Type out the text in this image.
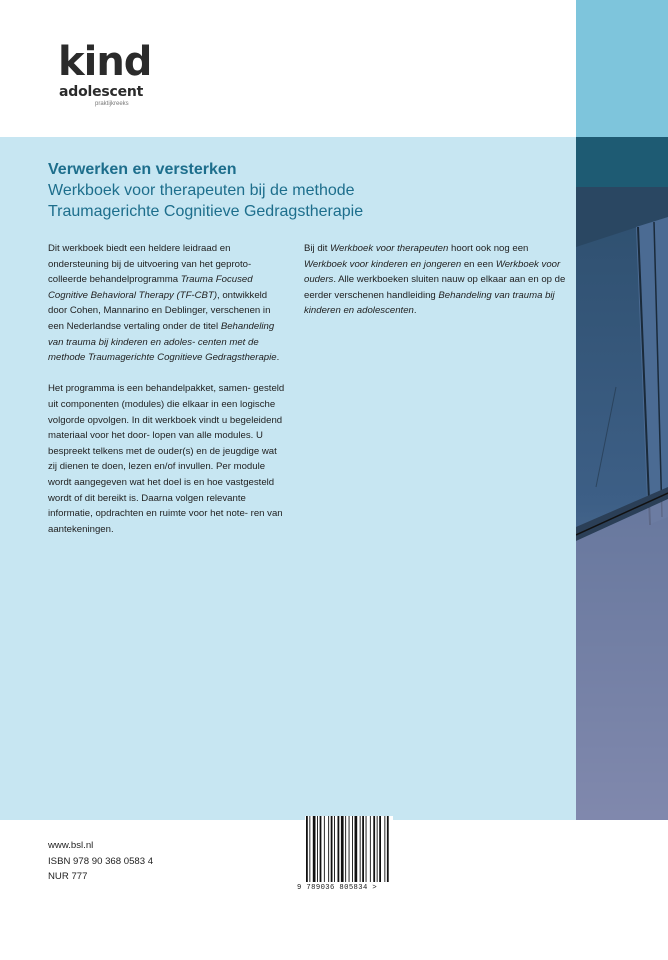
kind
adolescent
praktijkreeks
Verwerken en versterken
Werkboek voor therapeuten bij de methode
Traumagerichte Cognitieve Gedragstherapie

Dit werkboek biedt een heldere leidraad en ondersteuning bij de uitvoering van het geproto- colleerde behandelprogramma Trauma Focused Cognitive Behavioral Therapy (TF-CBT), ontwikkeld door Cohen, Mannarino en Deblinger, verschenen in een Nederlandse vertaling onder de titel Behandeling van trauma bij kinderen en adoles- centen met de methode Traumagerichte Cognitieve Gedragstherapie.

Het programma is een behandelpakket, samen- gesteld uit componenten (modules) die elkaar in een logische volgorde opvolgen. In dit werkboek vindt u begeleidend materiaal voor het door- lopen van alle modules. U bespreekt telkens met de ouder(s) en de jeugdige wat zij dienen te doen, lezen en/of invullen. Per module wordt aangegeven wat het doel is en hoe vastgesteld wordt of dit bereikt is. Daarna volgen relevante informatie, opdrachten en ruimte voor het note- ren van aantekeningen.

Bij dit Werkboek voor therapeuten hoort ook nog een Werkboek voor kinderen en jongeren en een Werkboek voor ouders. Alle werkboeken sluiten nauw op elkaar aan en op de eerder verschenen handleiding Behandeling van trauma bij kinderen en adolescenten.

www.bsl.nl
ISBN 978 90 368 0583 4
NUR 777
9 789036 805834 >
